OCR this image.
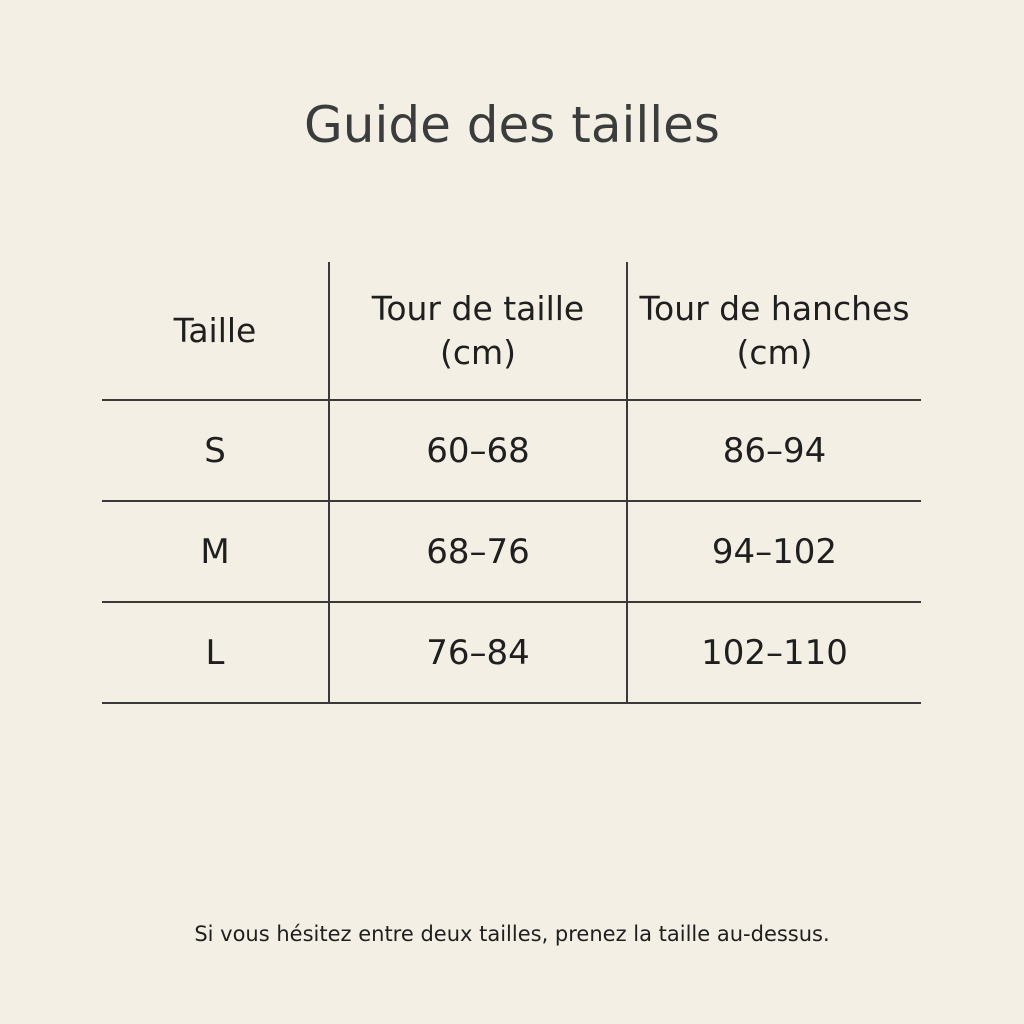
Guide des tailles
Taille	Tour de taille (cm)	Tour de hanches (cm)
S	60–68	86–94
M	68–76	94–102
L	76–84	102–110

Si vous hésitez entre deux tailles, prenez la taille au-dessus.
